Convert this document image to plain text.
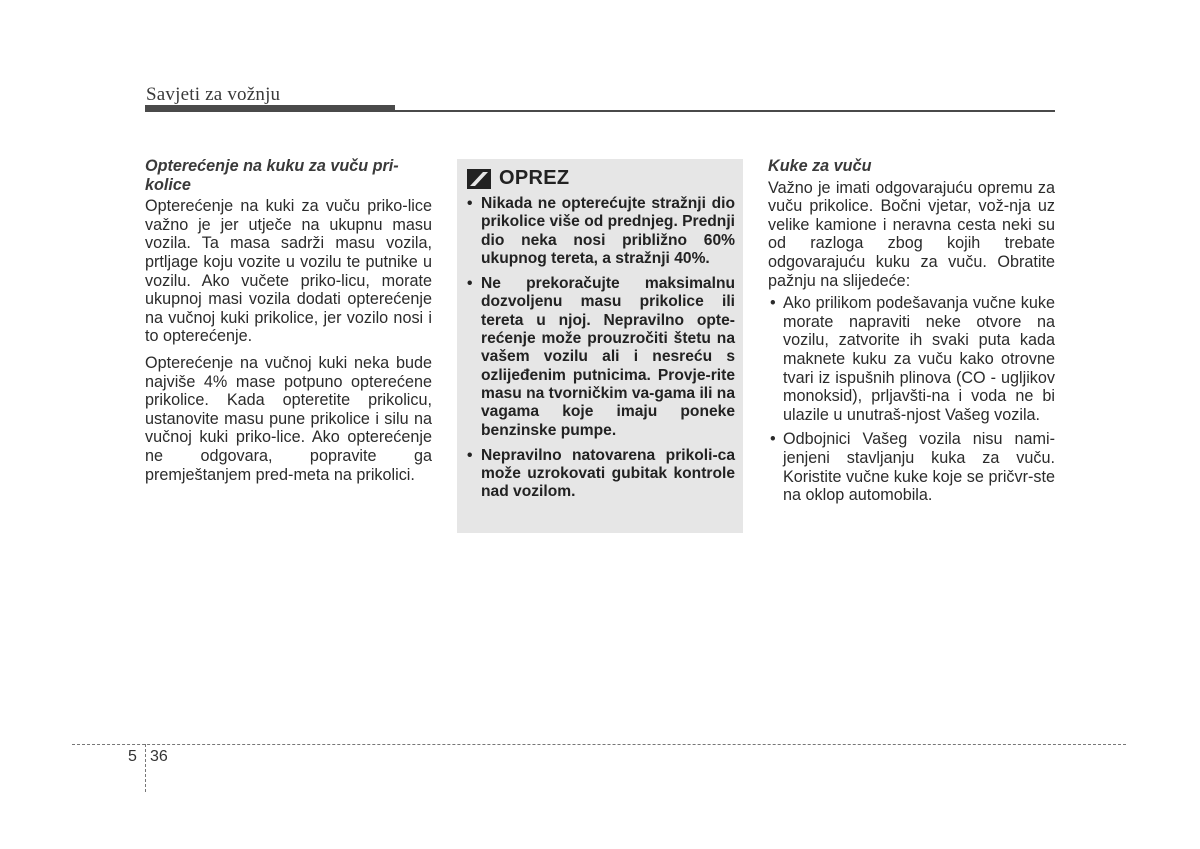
Savjeti za vožnju
Opterećenje na kuku za vuču pri-kolice

Opterećenje na kuki za vuču priko-lice važno je jer utječe na ukupnu masu vozila. Ta masa sadrži masu vozila, prtljage koju vozite u vozilu te putnike u vozilu. Ako vučete priko-licu, morate ukupnoj masi vozila dodati opterećenje na vučnoj kuki prikolice, jer vozilo nosi i to opterećenje.

Opterećenje na vučnoj kuki neka bude najviše 4% mase potpuno opterećene prikolice. Kada opteretite prikolicu, ustanovite masu pune prikolice i silu na vučnoj kuki priko-lice. Ako opterećenje ne odgovara, popravite ga premještanjem pred-meta na prikolici.

OPREZ
• Nikada ne opterećujte stražnji dio prikolice više od prednjeg. Prednji dio neka nosi približno 60% ukupnog tereta, a stražnji 40%.
• Ne prekoračujte maksimalnu dozvoljenu masu prikolice ili tereta u njoj. Nepravilno opte-rećenje može prouzročiti štetu na vašem vozilu ali i nesreću s ozlijeđenim putnicima. Provje-rite masu na tvorničkim va-gama ili na vagama koje imaju poneke benzinske pumpe.
• Nepravilno natovarena prikoli-ca može uzrokovati gubitak kontrole nad vozilom.
Kuke za vuču

Važno je imati odgovarajuću opremu za vuču prikolice. Bočni vjetar, vož-nja uz velike kamione i neravna cesta neki su od razloga zbog kojih trebate odgovarajuću kuku za vuču. Obratite pažnju na slijedeće:

• Ako prilikom podešavanja vučne kuke morate napraviti neke otvore na vozilu, zatvorite ih svaki puta kada maknete kuku za vuču kako otrovne tvari iz ispušnih plinova (CO - ugljikov monoksid), prljavšti-na i voda ne bi ulazile u unutraš-njost Vašeg vozila.
• Odbojnici Vašeg vozila nisu nami-jenjeni stavljanju kuka za vuču. Koristite vučne kuke koje se pričvr-ste na oklop automobila.
5 36
